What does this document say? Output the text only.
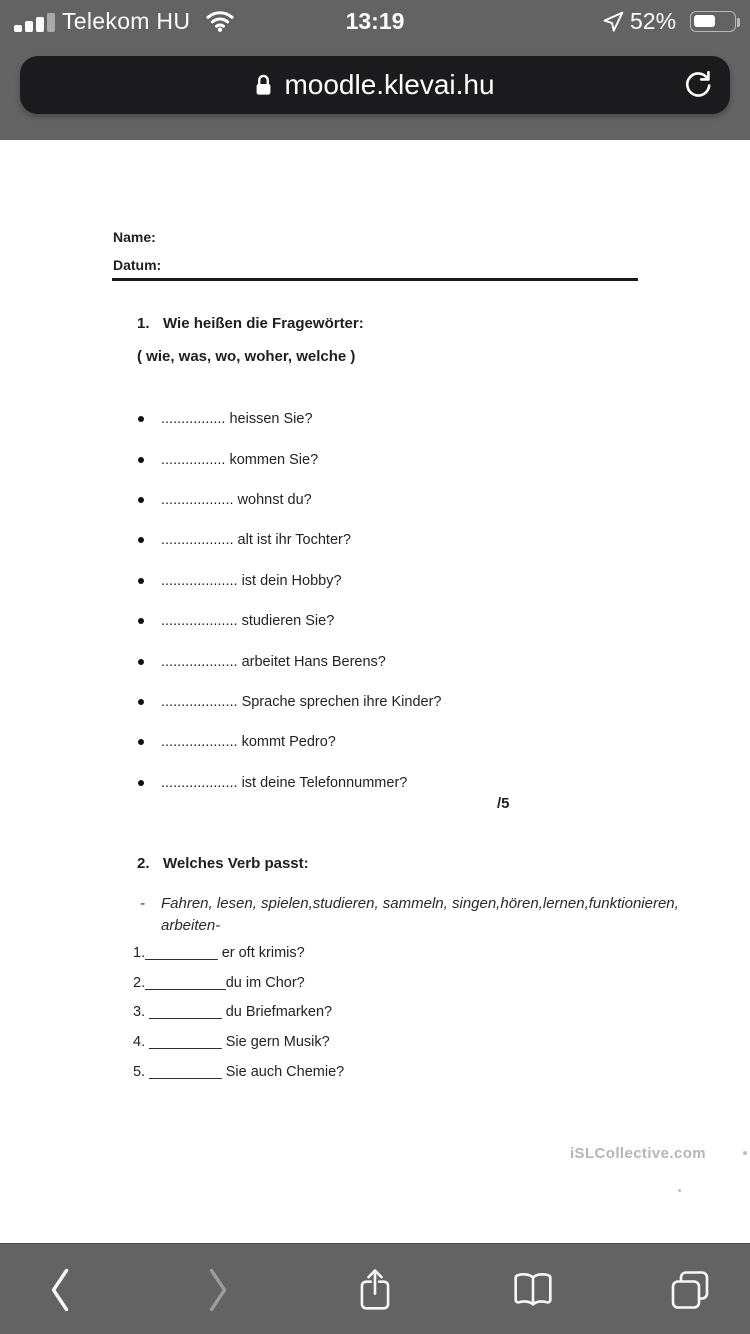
Telekom HU	13:19	52%
moodle.klevai.hu
Name:
Datum:
1. Wie heißen die Fragewörter:
( wie, was, wo, woher, welche )
................ heissen Sie?
................ kommen Sie?
.................. wohnst du?
.................. alt ist ihr Tochter?
................... ist dein Hobby?
................... studieren Sie?
................... arbeitet Hans Berens?
................... Sprache sprechen ihre Kinder?
................... kommt Pedro?
................... ist deine Telefonnummer?
/5
2. Welches Verb passt:
- Fahren, lesen, spielen,studieren, sammeln, singen,hören,lernen,funktionieren,
arbeiten-
1._________ er oft krimis?
2.__________du im Chor?
3. _________ du Briefmarken?
4. _________ Sie gern Musik?
5. _________ Sie auch Chemie?
iSLCollective.com
